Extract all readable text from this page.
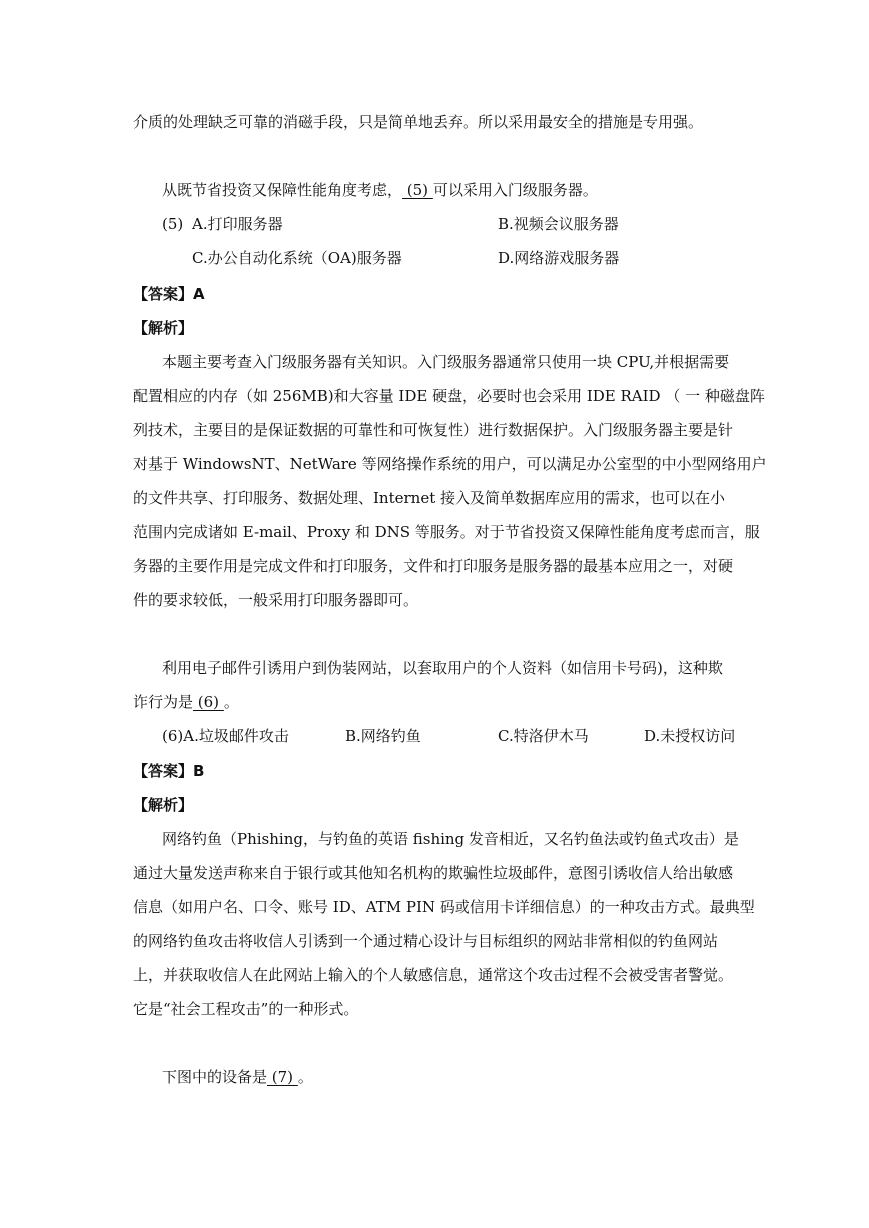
介质的处理缺乏可靠的消磁手段，只是简单地丢弃。所以采用最安全的措施是专用强。
从既节省投资又保障性能角度考虑， (5) 可以采用入门级服务器。
(5) A.打印服务器	B.视频会议服务器
C.办公自动化系统（OA)服务器	D.网络游戏服务器
【答案】A
【解析】
本题主要考查入门级服务器有关知识。入门级服务器通常只使用一块 CPU,并根据需要
配置相应的内存（如 256MB)和大容量 IDE 硬盘，必要时也会采用 IDE RAID （ 一 种磁盘阵
列技术，主要目的是保证数据的可靠性和可恢复性）进行数据保护。入门级服务器主要是针
对基于 WindowsNT、NetWare 等网络操作系统的用户，可以满足办公室型的中小型网络用户
的文件共享、打印服务、数据处理、Internet 接入及简单数据库应用的需求，也可以在小
范围内完成诸如 E-mail、Proxy 和 DNS 等服务。对于节省投资又保障性能角度考虑而言，服
务器的主要作用是完成文件和打印服务，文件和打印服务是服务器的最基本应用之一，对硬
件的要求较低，一般采用打印服务器即可。
利用电子邮件引诱用户到伪装网站，以套取用户的个人资料（如信用卡号码)，这种欺
诈行为是 (6) 。
(6)A.垃圾邮件攻击	B.网络钓鱼	C.特洛伊木马	D.未授权访问
【答案】B
【解析】
网络钓鱼（Phishing，与钓鱼的英语 fishing 发音相近，又名钓鱼法或钓鱼式攻击）是
通过大量发送声称来自于银行或其他知名机构的欺骗性垃圾邮件，意图引诱收信人给出敏感
信息（如用户名、口令、账号 ID、ATM PIN 码或信用卡详细信息）的一种攻击方式。最典型
的网络钓鱼攻击将收信人引诱到一个通过精心设计与目标组织的网站非常相似的钓鱼网站
上，并获取收信人在此网站上输入的个人敏感信息，通常这个攻击过程不会被受害者警觉。
它是“社会工程攻击”的一种形式。
下图中的设备是 (7) 。
